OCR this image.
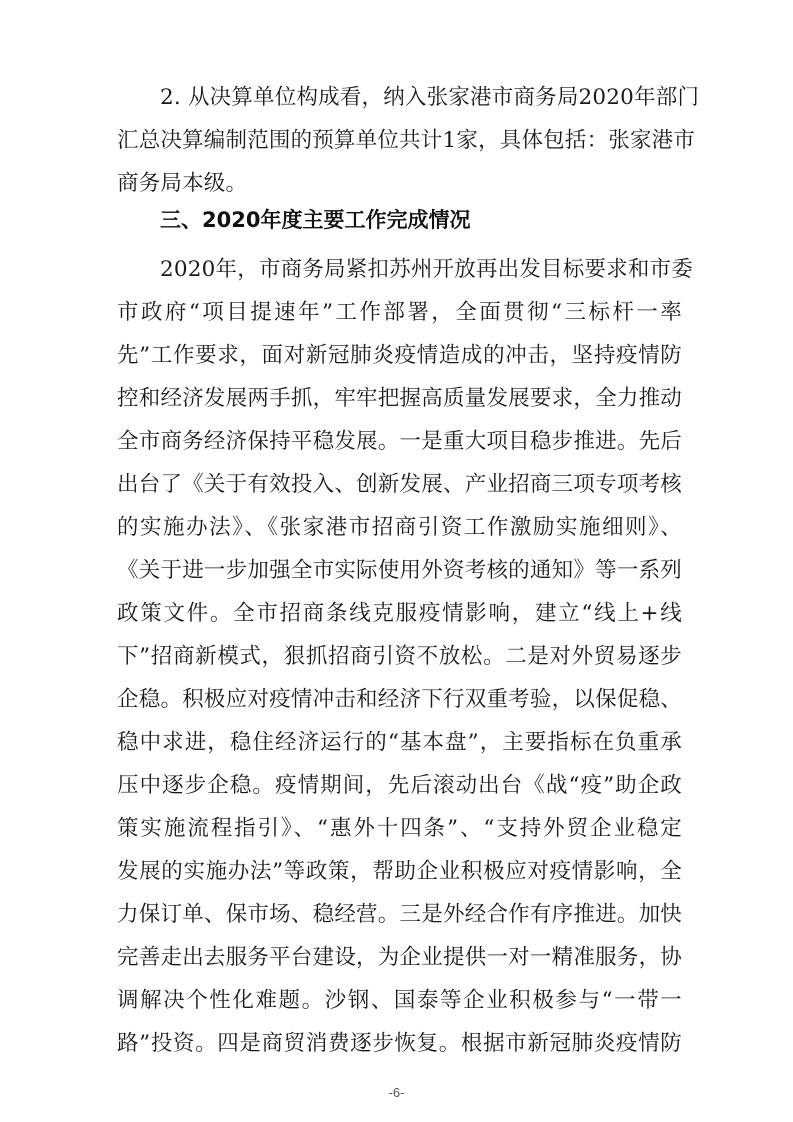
2. 从决算单位构成看，纳入张家港市商务局2020年部门
汇总决算编制范围的预算单位共计1家，具体包括：张家港市
商务局本级。
三、2020年度主要工作完成情况
2020年，市商务局紧扣苏州开放再出发目标要求和市委
市政府“项目提速年”工作部署，全面贯彻“三标杆一率
先”工作要求，面对新冠肺炎疫情造成的冲击，坚持疫情防
控和经济发展两手抓，牢牢把握高质量发展要求，全力推动
全市商务经济保持平稳发展。一是重大项目稳步推进。先后
出台了《关于有效投入、创新发展、产业招商三项专项考核
的实施办法》、《张家港市招商引资工作激励实施细则》、
《关于进一步加强全市实际使用外资考核的通知》等一系列
政策文件。全市招商条线克服疫情影响，建立“线上+线
下”招商新模式，狠抓招商引资不放松。二是对外贸易逐步
企稳。积极应对疫情冲击和经济下行双重考验，以保促稳、
稳中求进，稳住经济运行的“基本盘”，主要指标在负重承
压中逐步企稳。疫情期间，先后滚动出台《战“疫”助企政
策实施流程指引》、“惠外十四条”、“支持外贸企业稳定
发展的实施办法”等政策，帮助企业积极应对疫情影响，全
力保订单、保市场、稳经营。三是外经合作有序推进。加快
完善走出去服务平台建设，为企业提供一对一精准服务，协
调解决个性化难题。沙钢、国泰等企业积极参与“一带一
路”投资。四是商贸消费逐步恢复。根据市新冠肺炎疫情防
-6-
